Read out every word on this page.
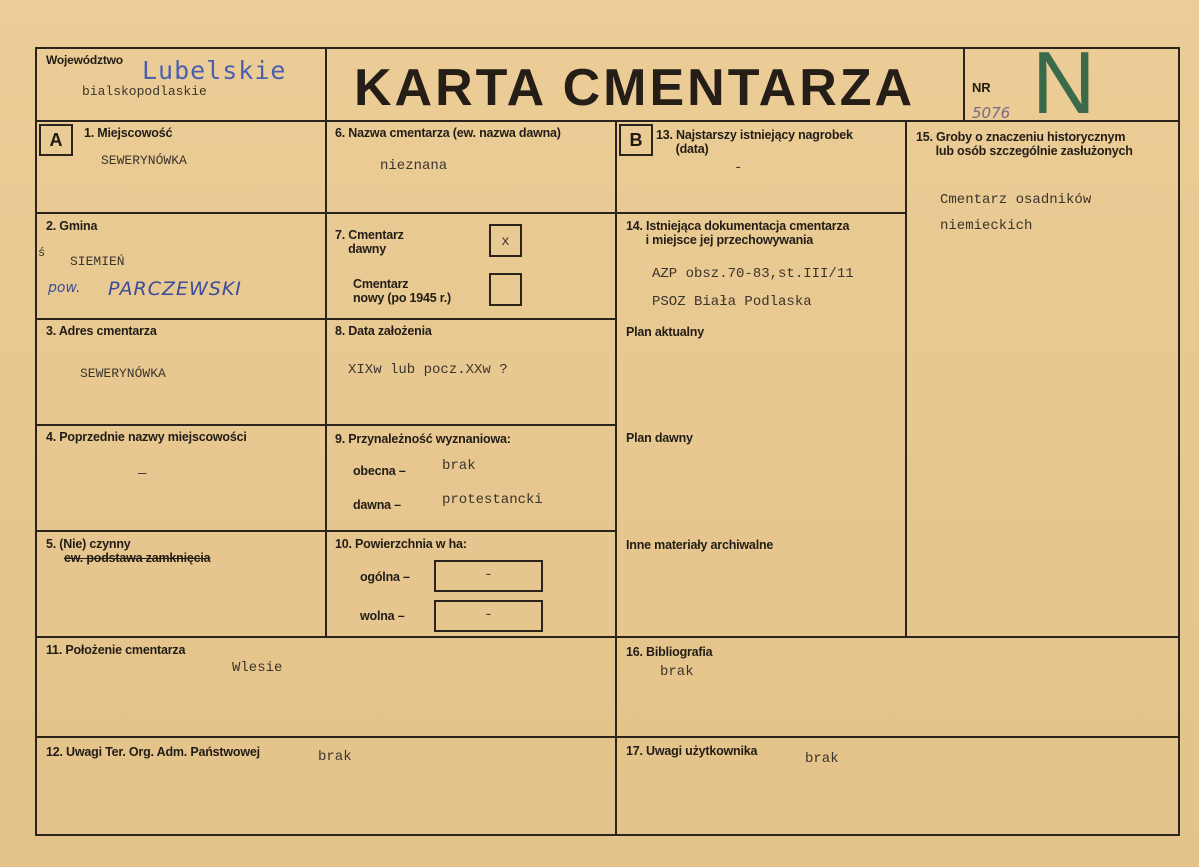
Województwo Lubelskie
bialskopodlaskie	KARTA CMENTARZA	NR
5076 N
A	B
1. Miejscowość
SEWERYNÓWKA
2. Gmina
ś
SIEMIEŃ
pow. PARCZEWSKI
3. Adres cmentarza
SEWERYNÓWKA
4. Poprzednie nazwy miejscowości
—
5. (Nie) czynny
ew. podstawa zamknięcia
6. Nazwa cmentarza (ew. nazwa dawna)
nieznana
7. Cmentarz
dawny	x
Cmentarz
nowy (po 1945 r.)
8. Data założenia
XIXw lub pocz.XXw ?
9. Przynależność wyznaniowa:
obecna –	brak
dawna –	protestancki
10. Powierzchnia w ha:
ogólna –	-
wolna –	-
13. Najstarszy istniejący nagrobek
(data)
-
14. Istniejąca dokumentacja cmentarza
i miejsce jej przechowywania
AZP obsz.70-83,st.III/11
PSOZ Biała Podlaska
Plan aktualny
Plan dawny
Inne materiały archiwalne
15. Groby o znaczeniu historycznym
lub osób szczególnie zasłużonych
Cmentarz osadników
niemieckich
11. Położenie cmentarza
Wlesie
16. Bibliografia
brak
12. Uwagi Ter. Org. Adm. Państwowej	brak	17. Uwagi użytkownika	brak
